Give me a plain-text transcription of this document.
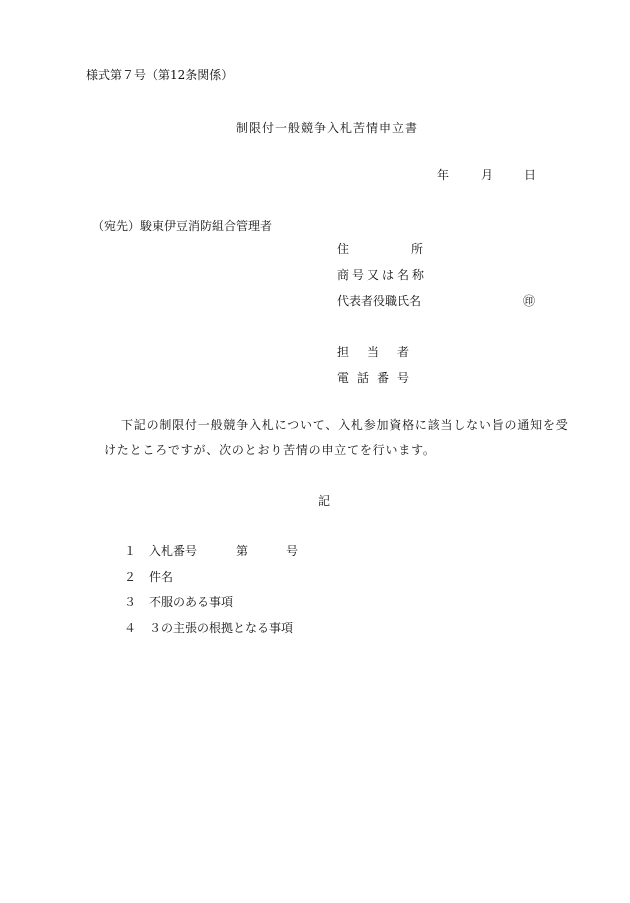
様式第７号（第12条関係）
制限付一般競争入札苦情申立書
年	月	日
（宛先）駿東伊豆消防組合管理者
住	所
商号又は名称
代表者役職氏名	㊞
担 当 者
電 話 番 号
下記の制限付一般競争入札について、入札参加資格に該当しない旨の通知を受
けたところですが、次のとおり苦情の申立てを行います。
記
１ 入札番号	第	号
２ 件名
３ 不服のある事項
４ ３の主張の根拠となる事項
